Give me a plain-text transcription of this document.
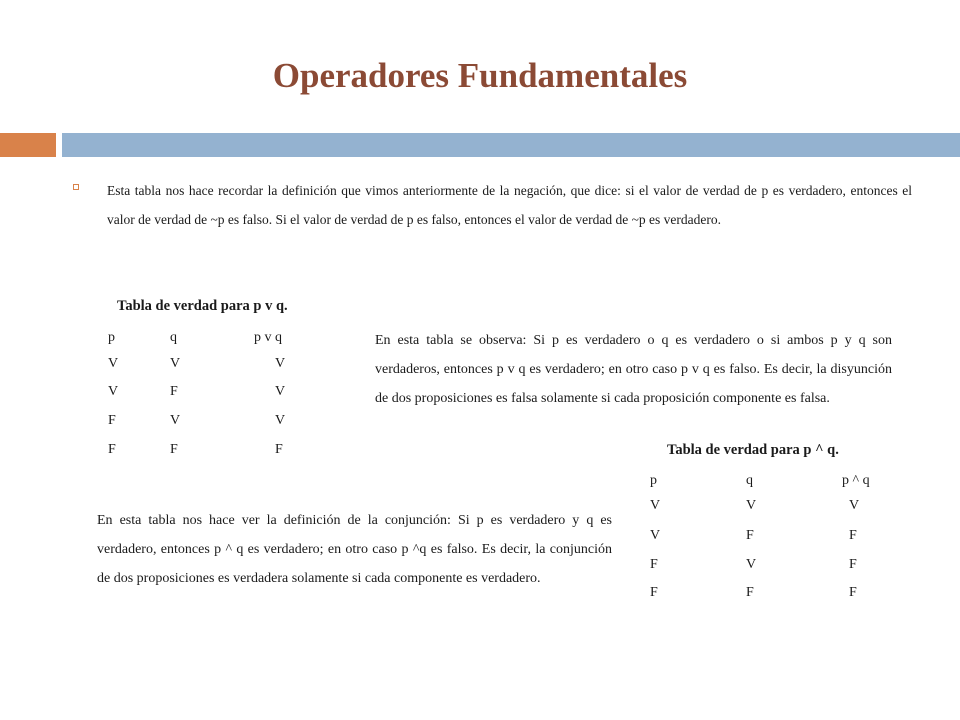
Operadores Fundamentales

Esta tabla nos hace recordar la definición que vimos anteriormente de la negación, que dice: si el valor de verdad de p es verdadero, entonces el valor de verdad de ~p es falso. Si el valor de verdad de p es falso, entonces el valor de verdad de ~p es verdadero.

Tabla de verdad para p v q.

p	q	p v q
V	V	V
V	F	V
F	V	V
F	F	F

En esta tabla se observa: Si p es verdadero o q es verdadero o si ambos p y q son verdaderos, entonces p v q es verdadero; en otro caso p v q es falso. Es decir, la disyunción de dos proposiciones es falsa solamente si cada proposición componente es falsa.

Tabla de verdad para p ^ q.

p	q	p ^ q
V	V	V
V	F	F
F	V	F
F	F	F

En esta tabla nos hace ver la definición de la conjunción: Si p es verdadero y q es verdadero, entonces p ^ q es verdadero; en otro caso p ^q es falso. Es decir, la conjunción de dos proposiciones es verdadera solamente si cada componente es verdadero.
